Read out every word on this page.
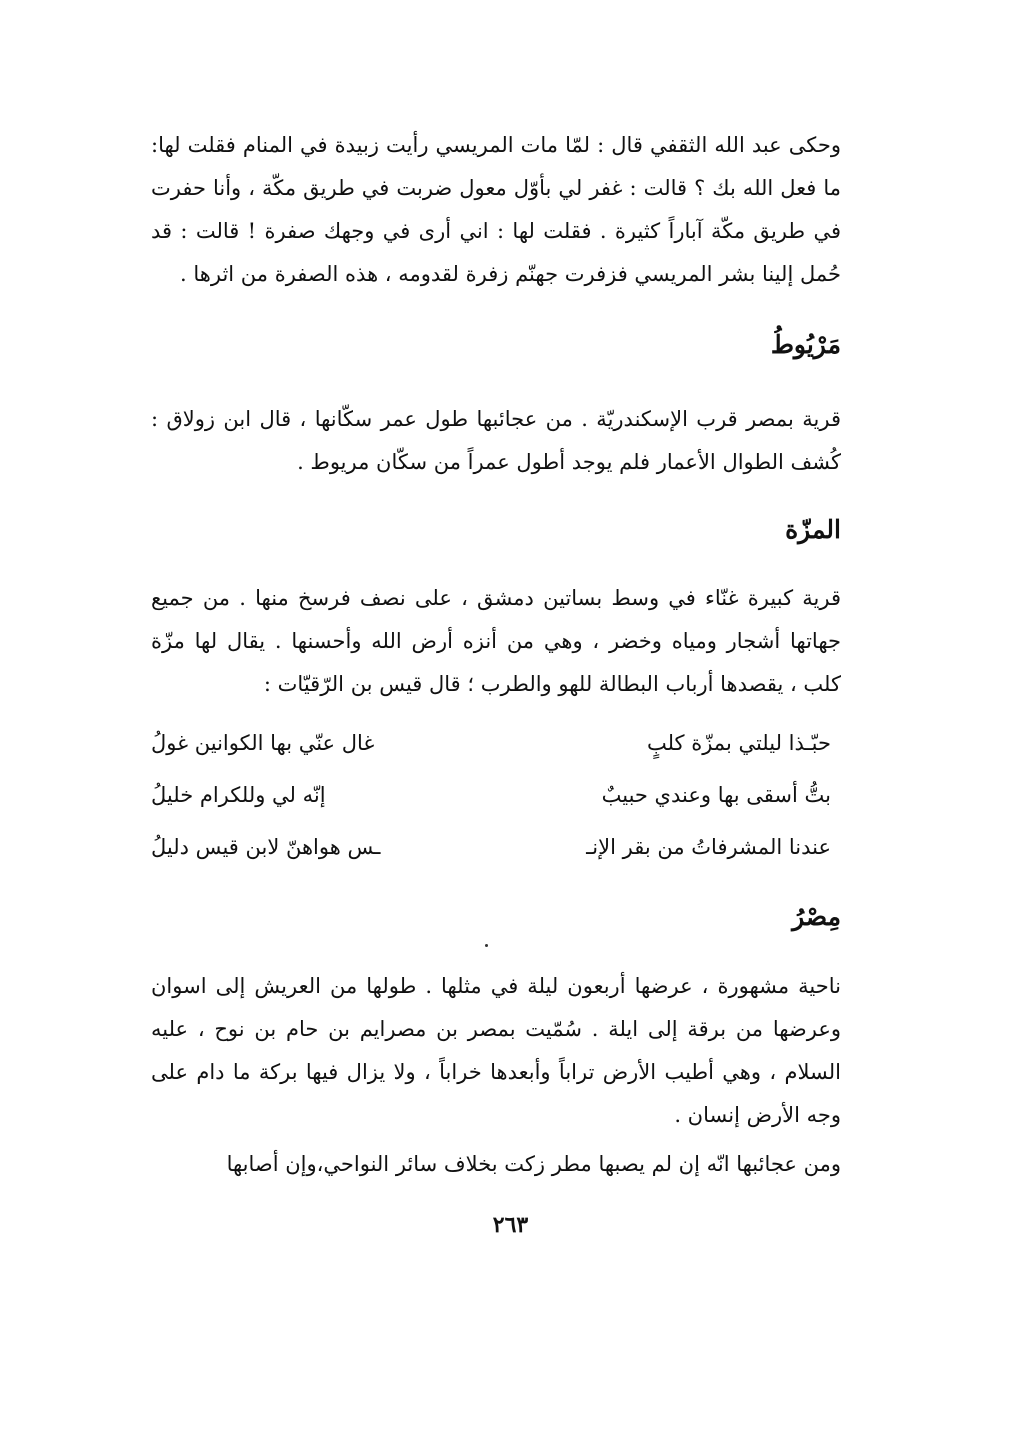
وحكى عبد الله الثقفي قال : لمّا مات المريسي رأيت زبيدة في المنام فقلت لها: ما فعل الله بك ؟ قالت : غفر لي بأوّل معول ضربت في طريق مكّة ، وأنا حفرت في طريق مكّة آباراً كثيرة . فقلت لها : اني أرى في وجهك صفرة ! قالت : قد حُمل إلينا بشر المريسي فزفرت جهنّم زفرة لقدومه ، هذه الصفرة من اثرها .

مَرْيُوطُ

قرية بمصر قرب الإسكندريّة . من عجائبها طول عمر سكّانها ، قال ابن زولاق : كُشف الطوال الأعمار فلم يوجد أطول عمراً من سكّان مريوط .

المزّة

قرية كبيرة غنّاء في وسط بساتين دمشق ، على نصف فرسخ منها . من جميع جهاتها أشجار ومياه وخضر ، وهي من أنزه أرض الله وأحسنها . يقال لها مزّة كلب ، يقصدها أرباب البطالة للهو والطرب ؛ قال قيس بن الرّقيّات :

حبّـذا ليلتي بمزّة كلبٍ
غال عنّي بها الكوانين غولُ
بتُّ أسقى بها وعندي حبيبٌ
إنّه لي وللكرام خليلُ
عندنا المشرفاتُ من بقر الإنـ
ـس هواهنّ لابن قيس دليلُ
مِصْرُ

ناحية مشهورة ، عرضها أربعون ليلة في مثلها . طولها من العريش إلى اسوان وعرضها من برقة إلى ايلة . سُمّيت بمصر بن مصرايم بن حام بن نوح ، عليه السلام ، وهي أطيب الأرض تراباً وأبعدها خراباً ، ولا يزال فيها بركة ما دام على وجه الأرض إنسان .

ومن عجائبها انّه إن لم يصبها مطر زكت بخلاف سائر النواحي،وإن أصابها

٢٦٣
